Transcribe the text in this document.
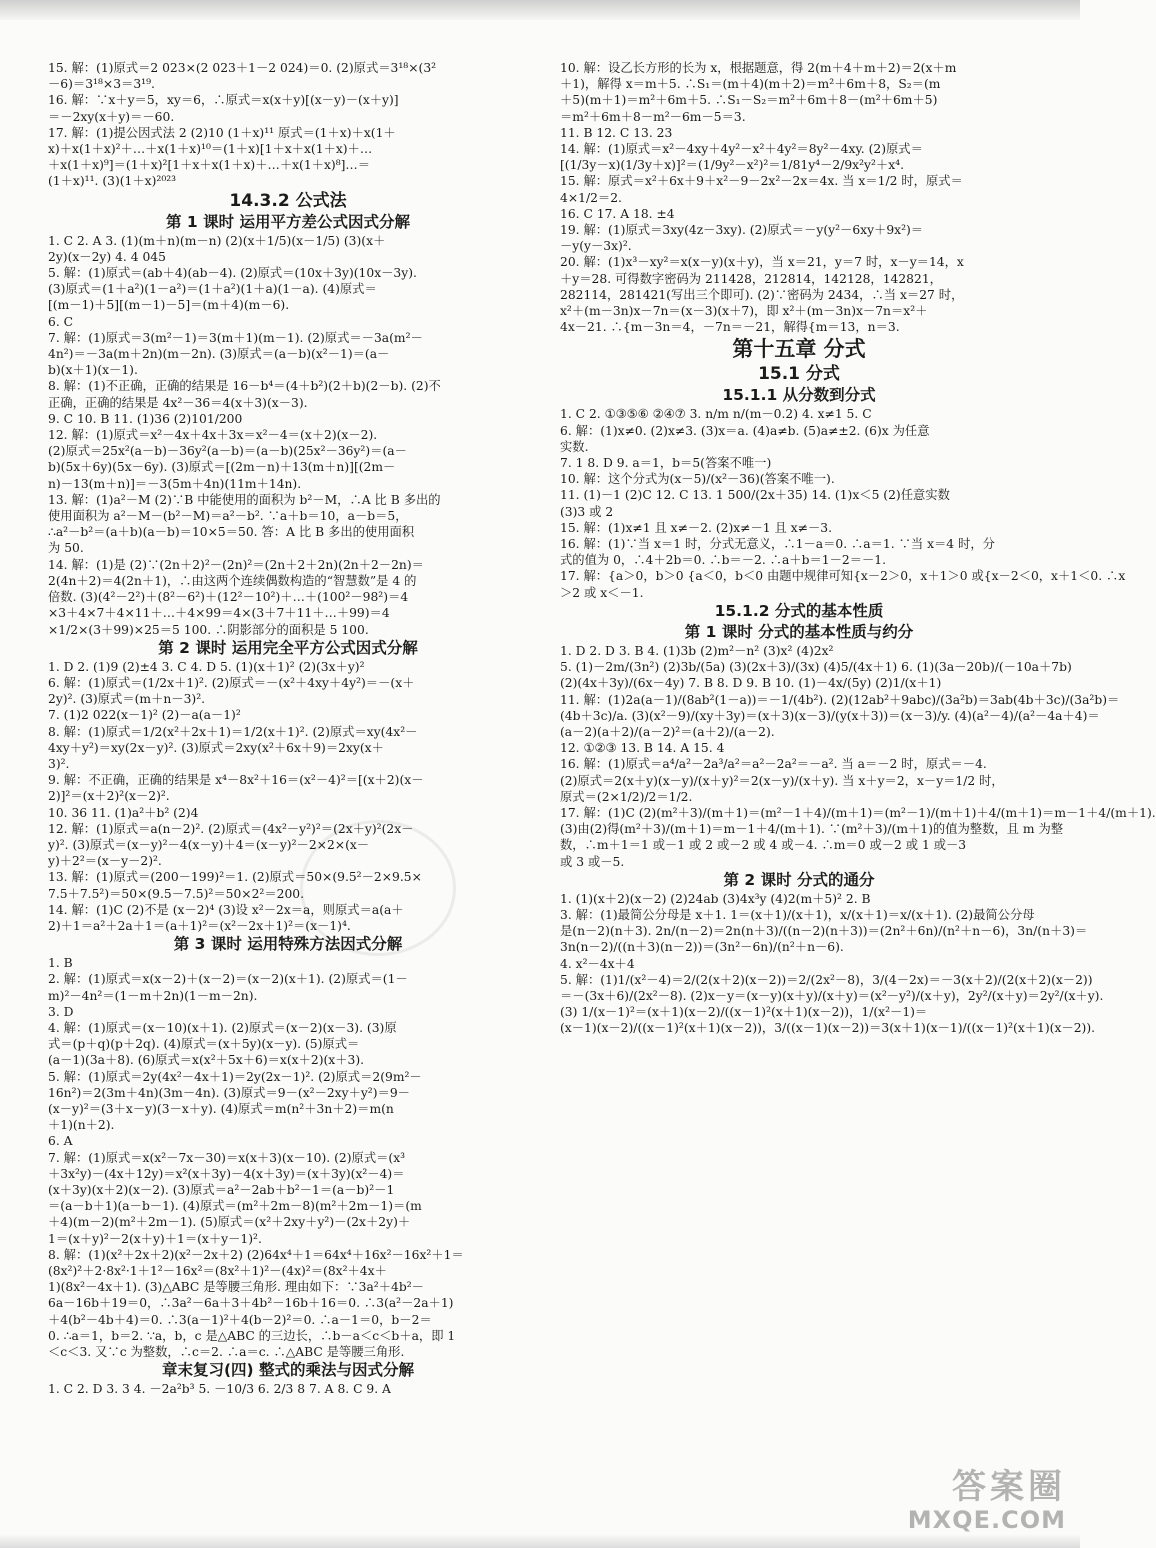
15. 解：(1)原式＝2 023×(2 023＋1－2 024)＝0. (2)原式＝3¹⁸×(3²
－6)＝3¹⁸×3＝3¹⁹.
16. 解：∵x＋y＝5，xy＝6，∴原式＝x(x＋y)[(x－y)－(x＋y)]
＝－2xy(x＋y)＝－60.
17. 解：(1)提公因式法 2 (2)10 (1＋x)¹¹ 原式＝(1＋x)＋x(1＋
x)＋x(1＋x)²＋…＋x(1＋x)¹⁰＝(1＋x)[1＋x＋x(1＋x)＋…
＋x(1＋x)⁹]＝(1＋x)²[1＋x＋x(1＋x)＋…＋x(1＋x)⁸]…＝
(1＋x)¹¹. (3)(1＋x)²⁰²³
14.3.2 公式法
第 1 课时 运用平方差公式因式分解
1. C 2. A 3. (1)(m＋n)(m－n) (2)(x＋1/5)(x－1/5) (3)(x＋
2y)(x－2y) 4. 4 045
5. 解：(1)原式＝(ab＋4)(ab－4). (2)原式＝(10x＋3y)(10x－3y).
(3)原式＝(1＋a²)(1－a²)＝(1＋a²)(1＋a)(1－a). (4)原式＝
[(m－1)＋5][(m－1)－5]＝(m＋4)(m－6).
6. C
7. 解：(1)原式＝3(m²－1)＝3(m＋1)(m－1). (2)原式＝－3a(m²－
4n²)＝－3a(m＋2n)(m－2n). (3)原式＝(a－b)(x²－1)＝(a－
b)(x＋1)(x－1).
8. 解：(1)不正确，正确的结果是 16－b⁴＝(4＋b²)(2＋b)(2－b). (2)不
正确，正确的结果是 4x²－36＝4(x＋3)(x－3).
9. C 10. B 11. (1)36 (2)101/200
12. 解：(1)原式＝x²－4x＋4x＋3x＝x²－4＝(x＋2)(x－2).
(2)原式＝25x²(a－b)－36y²(a－b)＝(a－b)(25x²－36y²)＝(a－
b)(5x＋6y)(5x－6y). (3)原式＝[(2m－n)＋13(m＋n)][(2m－
n)－13(m＋n)]＝－3(5m＋4n)(11m＋14n).
13. 解：(1)a²－M (2)∵B 中能使用的面积为 b²－M，∴A 比 B 多出的
使用面积为 a²－M－(b²－M)＝a²－b². ∵a＋b＝10，a－b＝5，
∴a²－b²＝(a＋b)(a－b)＝10×5＝50. 答：A 比 B 多出的使用面积
为 50.
14. 解：(1)是 (2)∵(2n＋2)²－(2n)²＝(2n＋2＋2n)(2n＋2－2n)＝
2(4n＋2)＝4(2n＋1)，∴由这两个连续偶数构造的“智慧数”是 4 的
倍数. (3)(4²－2²)＋(8²－6²)＋(12²－10²)＋…＋(100²－98²)＝4
×3＋4×7＋4×11＋…＋4×99＝4×(3＋7＋11＋…＋99)＝4
×1/2×(3＋99)×25＝5 100. ∴阴影部分的面积是 5 100.
第 2 课时 运用完全平方公式因式分解
1. D 2. (1)9 (2)±4 3. C 4. D 5. (1)(x＋1)² (2)(3x＋y)²
6. 解：(1)原式＝(1/2x＋1)². (2)原式＝－(x²＋4xy＋4y²)＝－(x＋
2y)². (3)原式＝(m＋n－3)².
7. (1)2 022(x－1)² (2)－a(a－1)²
8. 解：(1)原式＝1/2(x²＋2x＋1)＝1/2(x＋1)². (2)原式＝xy(4x²－
4xy＋y²)＝xy(2x－y)². (3)原式＝2xy(x²＋6x＋9)＝2xy(x＋
3)².
9. 解：不正确，正确的结果是 x⁴－8x²＋16＝(x²－4)²＝[(x＋2)(x－
2)]²＝(x＋2)²(x－2)².
10. 36 11. (1)a²＋b² (2)4
12. 解：(1)原式＝a(n－2)². (2)原式＝(4x²－y²)²＝(2x＋y)²(2x－
y)². (3)原式＝(x－y)²－4(x－y)＋4＝(x－y)²－2×2×(x－
y)＋2²＝(x－y－2)².
13. 解：(1)原式＝(200－199)²＝1. (2)原式＝50×(9.5²－2×9.5×
7.5＋7.5²)＝50×(9.5－7.5)²＝50×2²＝200.
14. 解：(1)C (2)不是 (x－2)⁴ (3)设 x²－2x＝a，则原式＝a(a＋
2)＋1＝a²＋2a＋1＝(a＋1)²＝(x²－2x＋1)²＝(x－1)⁴.
第 3 课时 运用特殊方法因式分解
1. B
2. 解：(1)原式＝x(x－2)＋(x－2)＝(x－2)(x＋1). (2)原式＝(1－
m)²－4n²＝(1－m＋2n)(1－m－2n).
3. D
4. 解：(1)原式＝(x－10)(x＋1). (2)原式＝(x－2)(x－3). (3)原
式＝(p＋q)(p＋2q). (4)原式＝(x＋5y)(x－y). (5)原式＝
(a－1)(3a＋8). (6)原式＝x(x²＋5x＋6)＝x(x＋2)(x＋3).
5. 解：(1)原式＝2y(4x²－4x＋1)＝2y(2x－1)². (2)原式＝2(9m²－
16n²)＝2(3m＋4n)(3m－4n). (3)原式＝9－(x²－2xy＋y²)＝9－
(x－y)²＝(3＋x－y)(3－x＋y). (4)原式＝m(n²＋3n＋2)＝m(n
＋1)(n＋2).
6. A
7. 解：(1)原式＝x(x²－7x－30)＝x(x＋3)(x－10). (2)原式＝(x³
＋3x²y)－(4x＋12y)＝x²(x＋3y)－4(x＋3y)＝(x＋3y)(x²－4)＝
(x＋3y)(x＋2)(x－2). (3)原式＝a²－2ab＋b²－1＝(a－b)²－1
＝(a－b＋1)(a－b－1). (4)原式＝(m²＋2m－8)(m²＋2m－1)＝(m
＋4)(m－2)(m²＋2m－1). (5)原式＝(x²＋2xy＋y²)－(2x＋2y)＋
1＝(x＋y)²－2(x＋y)＋1＝(x＋y－1)².
8. 解：(1)(x²＋2x＋2)(x²－2x＋2) (2)64x⁴＋1＝64x⁴＋16x²－16x²＋1＝
(8x²)²＋2·8x²·1＋1²－16x²＝(8x²＋1)²－(4x)²＝(8x²＋4x＋
1)(8x²－4x＋1). (3)△ABC 是等腰三角形. 理由如下：∵3a²＋4b²－
6a－16b＋19＝0，∴3a²－6a＋3＋4b²－16b＋16＝0. ∴3(a²－2a＋1)
＋4(b²－4b＋4)＝0. ∴3(a－1)²＋4(b－2)²＝0. ∴a－1＝0，b－2＝
0. ∴a＝1，b＝2. ∵a，b，c 是△ABC 的三边长，∴b－a＜c＜b＋a，即 1
＜c＜3. 又∵c 为整数，∴c＝2. ∴a＝c. ∴△ABC 是等腰三角形.
章末复习(四) 整式的乘法与因式分解
1. C 2. D 3. 3 4. －2a²b³ 5. －10/3 6. 2/3 8 7. A 8. C 9. A
10. 解：设乙长方形的长为 x，根据题意，得 2(m＋4＋m＋2)＝2(x＋m
＋1)，解得 x＝m＋5. ∴S₁＝(m＋4)(m＋2)＝m²＋6m＋8，S₂＝(m
＋5)(m＋1)＝m²＋6m＋5. ∴S₁－S₂＝m²＋6m＋8－(m²＋6m＋5)
＝m²＋6m＋8－m²－6m－5＝3.
11. B 12. C 13. 23
14. 解：(1)原式＝x²－4xy＋4y²－x²＋4y²＝8y²－4xy. (2)原式＝
[(1/3y－x)(1/3y＋x)]²＝(1/9y²－x²)²＝1/81y⁴－2/9x²y²＋x⁴.
15. 解：原式＝x²＋6x＋9＋x²－9－2x²－2x＝4x. 当 x＝1/2 时，原式＝
4×1/2＝2.
16. C 17. A 18. ±4
19. 解：(1)原式＝3xy(4z－3xy). (2)原式＝－y(y²－6xy＋9x²)＝
－y(y－3x)².
20. 解：(1)x³－xy²＝x(x－y)(x＋y)，当 x＝21，y＝7 时，x－y＝14，x
＋y＝28. 可得数字密码为 211428，212814，142128，142821，
282114，281421(写出三个即可). (2)∵密码为 2434，∴当 x＝27 时，
x²＋(m－3n)x－7n＝(x－3)(x＋7)，即 x²＋(m－3n)x－7n＝x²＋
4x－21. ∴{m－3n＝4，－7n＝－21，解得{m＝13，n＝3.
第十五章 分式
15.1 分式
15.1.1 从分数到分式
1. C 2. ①③⑤⑥ ②④⑦ 3. n/m n/(m－0.2) 4. x≠1 5. C
6. 解：(1)x≠0. (2)x≠3. (3)x＝a. (4)a≠b. (5)a≠±2. (6)x 为任意
实数.
7. 1 8. D 9. a＝1，b＝5(答案不唯一)
10. 解：这个分式为(x－5)/(x²－36)(答案不唯一).
11. (1)－1 (2)C 12. C 13. 1 500/(2x＋35) 14. (1)x＜5 (2)任意实数
(3)3 或 2
15. 解：(1)x≠1 且 x≠－2. (2)x≠－1 且 x≠－3.
16. 解：(1)∵当 x＝1 时，分式无意义，∴1－a＝0. ∴a＝1. ∵当 x＝4 时，分
式的值为 0，∴4＋2b＝0. ∴b＝－2. ∴a＋b＝1－2＝－1.
17. 解：{a＞0，b＞0 {a＜0，b＜0 由题中规律可知{x－2＞0，x＋1＞0 或{x－2＜0，x＋1＜0. ∴x
＞2 或 x＜－1.
15.1.2 分式的基本性质
第 1 课时 分式的基本性质与约分
1. D 2. D 3. B 4. (1)3b (2)m²－n² (3)x² (4)2x²
5. (1)－2m/(3n²) (2)3b/(5a) (3)(2x＋3)/(3x) (4)5/(4x＋1) 6. (1)(3a－20b)/(－10a＋7b)
(2)(4x＋3y)/(6x－4y) 7. B 8. D 9. B 10. (1)－4x/(5y) (2)1/(x＋1)
11. 解：(1)2a(a－1)/(8ab²(1－a))＝－1/(4b²). (2)(12ab²＋9abc)/(3a²b)＝3ab(4b＋3c)/(3a²b)＝
(4b＋3c)/a. (3)(x²－9)/(xy＋3y)＝(x＋3)(x－3)/(y(x＋3))＝(x－3)/y. (4)(a²－4)/(a²－4a＋4)＝
(a－2)(a＋2)/(a－2)²＝(a＋2)/(a－2).
12. ①②③ 13. B 14. A 15. 4
16. 解：(1)原式＝a⁴/a²－2a³/a²＝a²－2a²＝－a². 当 a＝－2 时，原式＝－4.
(2)原式＝2(x＋y)(x－y)/(x＋y)²＝2(x－y)/(x＋y). 当 x＋y＝2，x－y＝1/2 时，
原式＝(2×1/2)/2＝1/2.
17. 解：(1)C (2)(m²＋3)/(m＋1)＝(m²－1＋4)/(m＋1)＝(m²－1)/(m＋1)＋4/(m＋1)＝m－1＋4/(m＋1).
(3)由(2)得(m²＋3)/(m＋1)＝m－1＋4/(m＋1). ∵(m²＋3)/(m＋1)的值为整数，且 m 为整
数，∴m＋1＝1 或－1 或 2 或－2 或 4 或－4. ∴m＝0 或－2 或 1 或－3
或 3 或－5.
第 2 课时 分式的通分
1. (1)(x＋2)(x－2) (2)24ab (3)4x³y (4)2(m＋5)² 2. B
3. 解：(1)最简公分母是 x＋1. 1＝(x＋1)/(x＋1)，x/(x＋1)＝x/(x＋1). (2)最简公分母
是(n－2)(n＋3). 2n/(n－2)＝2n(n＋3)/((n－2)(n＋3))＝(2n²＋6n)/(n²＋n－6)，3n/(n＋3)＝
3n(n－2)/((n＋3)(n－2))＝(3n²－6n)/(n²＋n－6).
4. x²－4x＋4
5. 解：(1)1/(x²－4)＝2/(2(x＋2)(x－2))＝2/(2x²－8)，3/(4－2x)＝－3(x＋2)/(2(x＋2)(x－2))
＝－(3x＋6)/(2x²－8). (2)x－y＝(x－y)(x＋y)/(x＋y)＝(x²－y²)/(x＋y)，2y²/(x＋y)＝2y²/(x＋y).
(3) 1/(x－1)²＝(x＋1)(x－2)/((x－1)²(x＋1)(x－2))，1/(x²－1)＝
(x－1)(x－2)/((x－1)²(x＋1)(x－2))，3/((x－1)(x－2))＝3(x＋1)(x－1)/((x－1)²(x＋1)(x－2)).
答案圈
MXQE.COM
